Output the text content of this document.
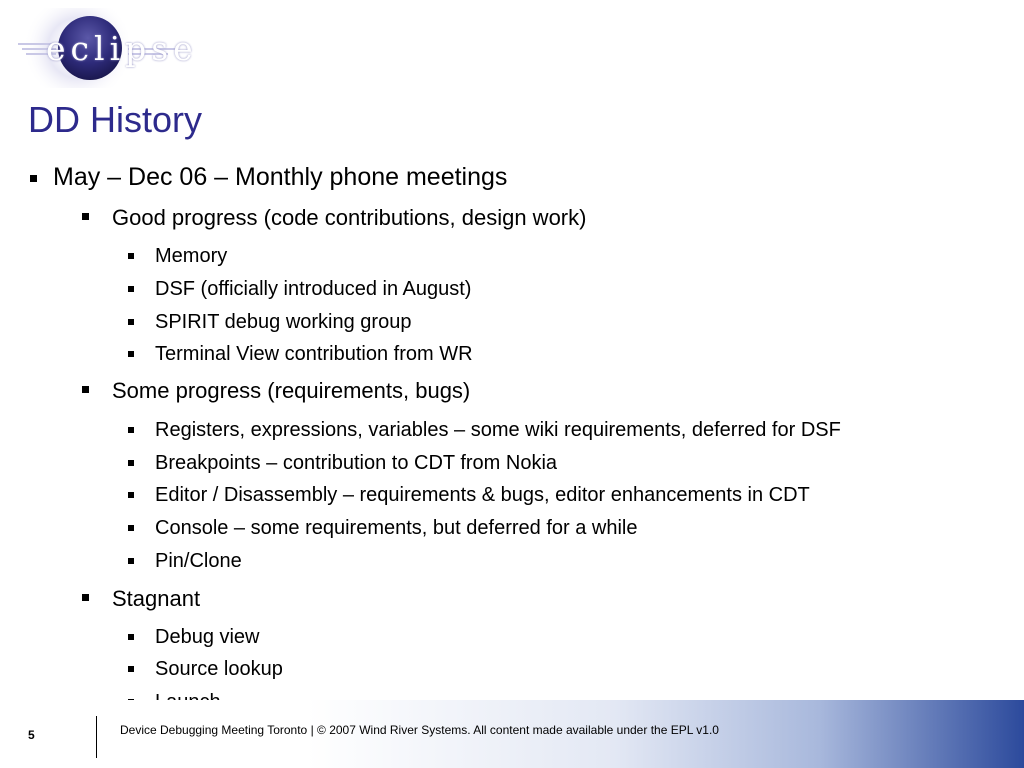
eclipse
DD History
May – Dec 06 – Monthly phone meetings
Good progress (code contributions, design work)
Memory
DSF (officially introduced in August)
SPIRIT debug working group
Terminal View contribution from WR
Some progress (requirements, bugs)
Registers, expressions, variables – some wiki requirements, deferred for DSF
Breakpoints – contribution to CDT from Nokia
Editor / Disassembly – requirements & bugs, editor enhancements in CDT
Console – some requirements, but deferred for a while
Pin/Clone
Stagnant
Debug view
Source lookup
5	Device Debugging Meeting Toronto | © 2007 Wind River Systems. All content made available under the EPL v1.0
